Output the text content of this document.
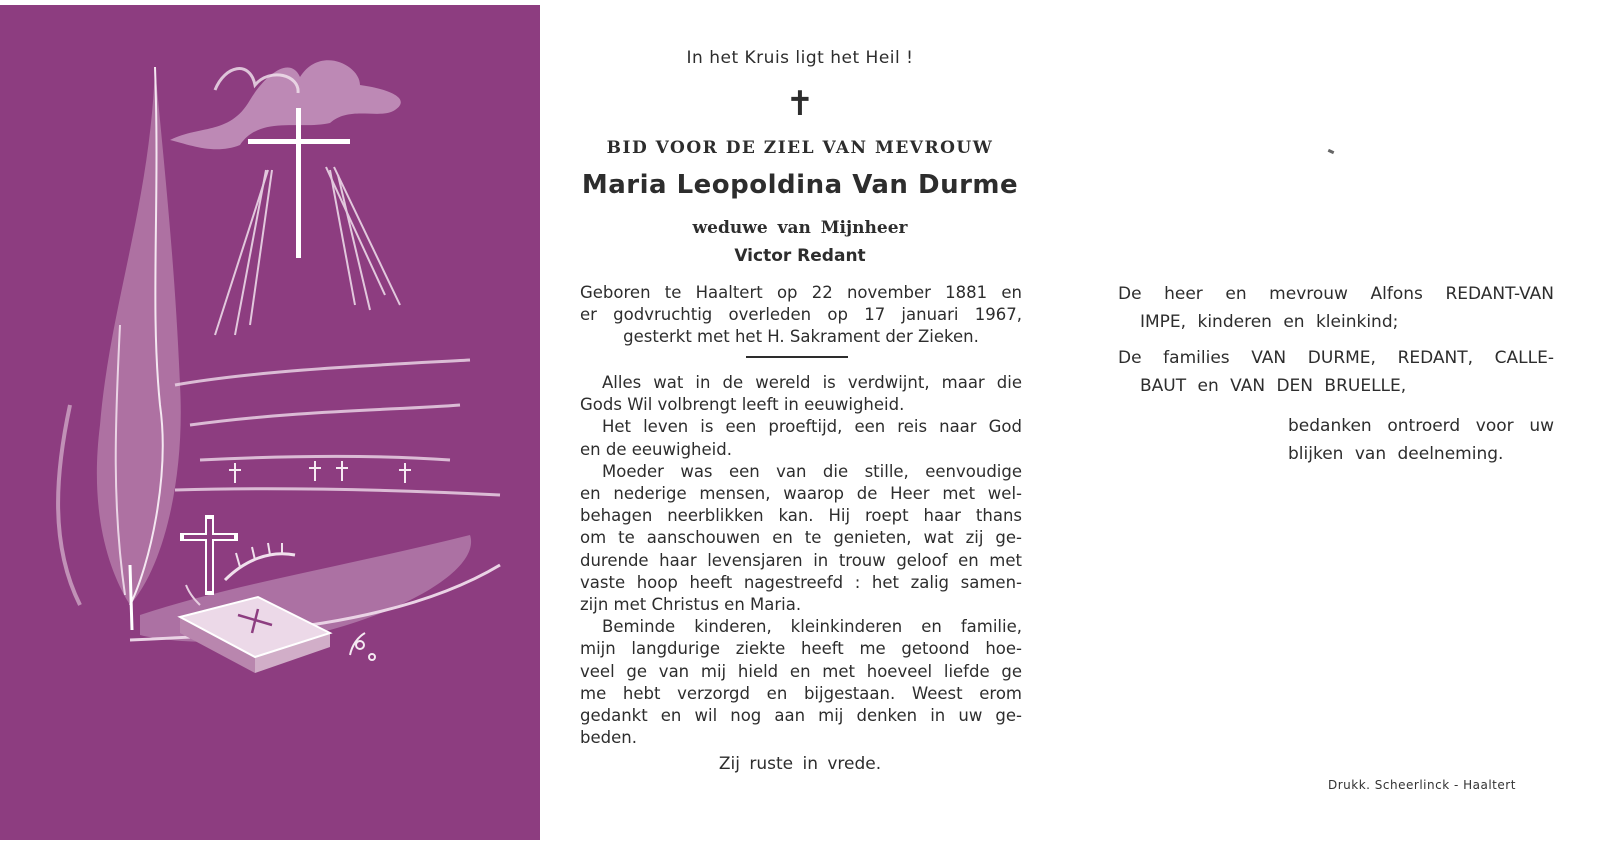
In het Kruis ligt het Heil !
✝
BID VOOR DE ZIEL VAN MEVROUW
Maria Leopoldina Van Durme
weduwe van Mijnheer
Victor Redant
Geboren te Haaltert op 22 november 1881 en
er godvruchtig overleden op 17 januari 1967,
gesterkt met het H. Sakrament der Zieken.
Alles wat in de wereld is verdwijnt, maar die
Gods Wil volbrengt leeft in eeuwigheid.
Het leven is een proeftijd, een reis naar God
en de eeuwigheid.
Moeder was een van die stille, eenvoudige
en nederige mensen, waarop de Heer met wel-
behagen neerblikken kan. Hij roept haar thans
om te aanschouwen en te genieten, wat zij ge-
durende haar levensjaren in trouw geloof en met
vaste hoop heeft nagestreefd : het zalig samen-
zijn met Christus en Maria.
Beminde kinderen, kleinkinderen en familie,
mijn langdurige ziekte heeft me getoond hoe-
veel ge van mij hield en met hoeveel liefde ge
me hebt verzorgd en bijgestaan. Weest erom
gedankt en wil nog aan mij denken in uw ge-
beden.
Zij ruste in vrede.
De heer en mevrouw Alfons REDANT-VAN
IMPE, kinderen en kleinkind;
De families VAN DURME, REDANT, CALLE-
BAUT en VAN DEN BRUELLE,
bedanken ontroerd voor uw
blijken van deelneming.
Drukk. Scheerlinck - Haaltert
